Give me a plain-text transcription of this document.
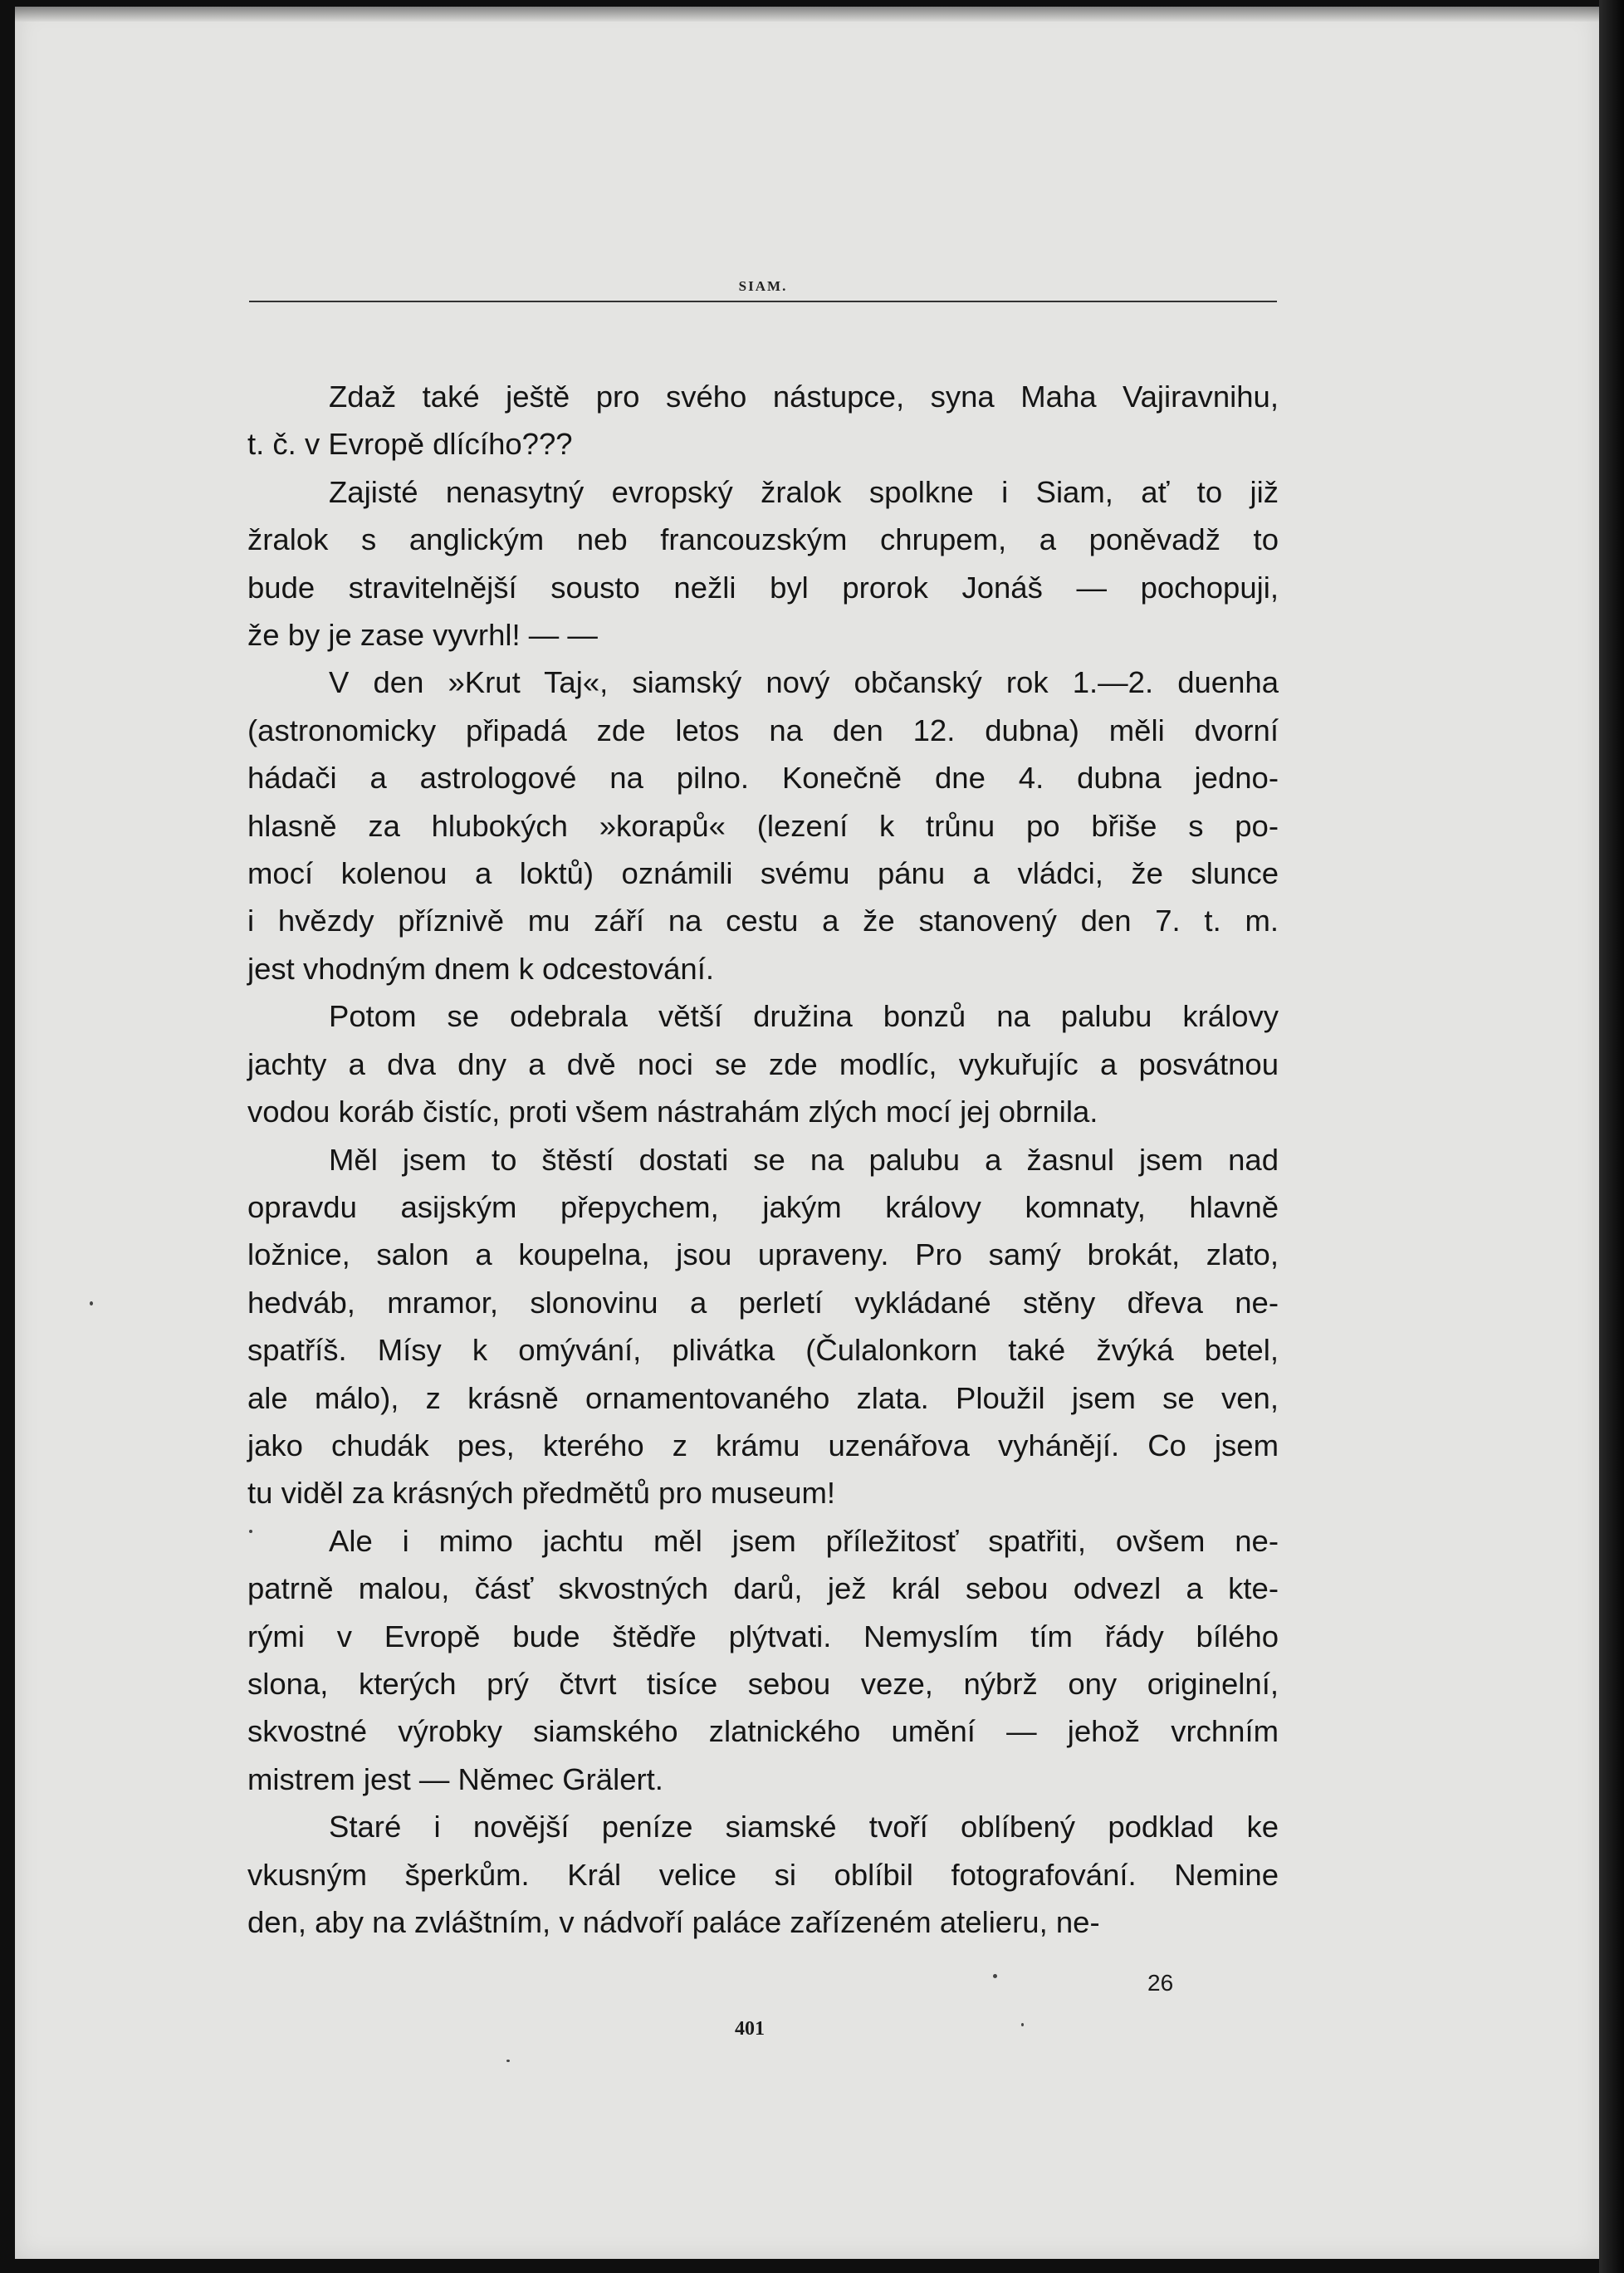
SIAM.

Zdaž také ještě pro svého nástupce, syna Maha Vajiravnihu,
t. č. v Evropě dlícího???

Zajisté nenasytný evropský žralok spolkne i Siam, ať to již
žralok s anglickým neb francouzským chrupem, a poněvadž to
bude stravitelnější sousto nežli byl prorok Jonáš — pochopuji,
že by je zase vyvrhl! — —

V den »Krut Taj«, siamský nový občanský rok 1.—2. duenha
(astronomicky připadá zde letos na den 12. dubna) měli dvorní
hádači a astrologové na pilno. Konečně dne 4. dubna jedno-
hlasně za hlubokých »korapů« (lezení k trůnu po břiše s po-
mocí kolenou a loktů) oznámili svému pánu a vládci, že slunce
i hvězdy příznivě mu září na cestu a že stanovený den 7. t. m.
jest vhodným dnem k odcestování.

Potom se odebrala větší družina bonzů na palubu královy
jachty a dva dny a dvě noci se zde modlíc, vykuřujíc a posvátnou
vodou koráb čistíc, proti všem nástrahám zlých mocí jej obrnila.

Měl jsem to štěstí dostati se na palubu a žasnul jsem nad
opravdu asijským přepychem, jakým královy komnaty, hlavně
ložnice, salon a koupelna, jsou upraveny. Pro samý brokát, zlato,
hedváb, mramor, slonovinu a perletí vykládané stěny dřeva ne-
spatříš. Mísy k omývání, plivátka (Čulalonkorn také žvýká betel,
ale málo), z krásně ornamentovaného zlata. Ploužil jsem se ven,
jako chudák pes, kterého z krámu uzenářova vyhánějí. Co jsem
tu viděl za krásných předmětů pro museum!

Ale i mimo jachtu měl jsem příležitosť spatřiti, ovšem ne-
patrně malou, čásť skvostných darů, jež král sebou odvezl a kte-
rými v Evropě bude štědře plýtvati. Nemyslím tím řády bílého
slona, kterých prý čtvrt tisíce sebou veze, nýbrž ony originelní,
skvostné výrobky siamského zlatnického umění — jehož vrchním
mistrem jest — Němec Grälert.

Staré i novější peníze siamské tvoří oblíbený podklad ke
vkusným šperkům. Král velice si oblíbil fotografování. Nemine
den, aby na zvláštním, v nádvoří paláce zařízeném atelieru, ne-

26
401
